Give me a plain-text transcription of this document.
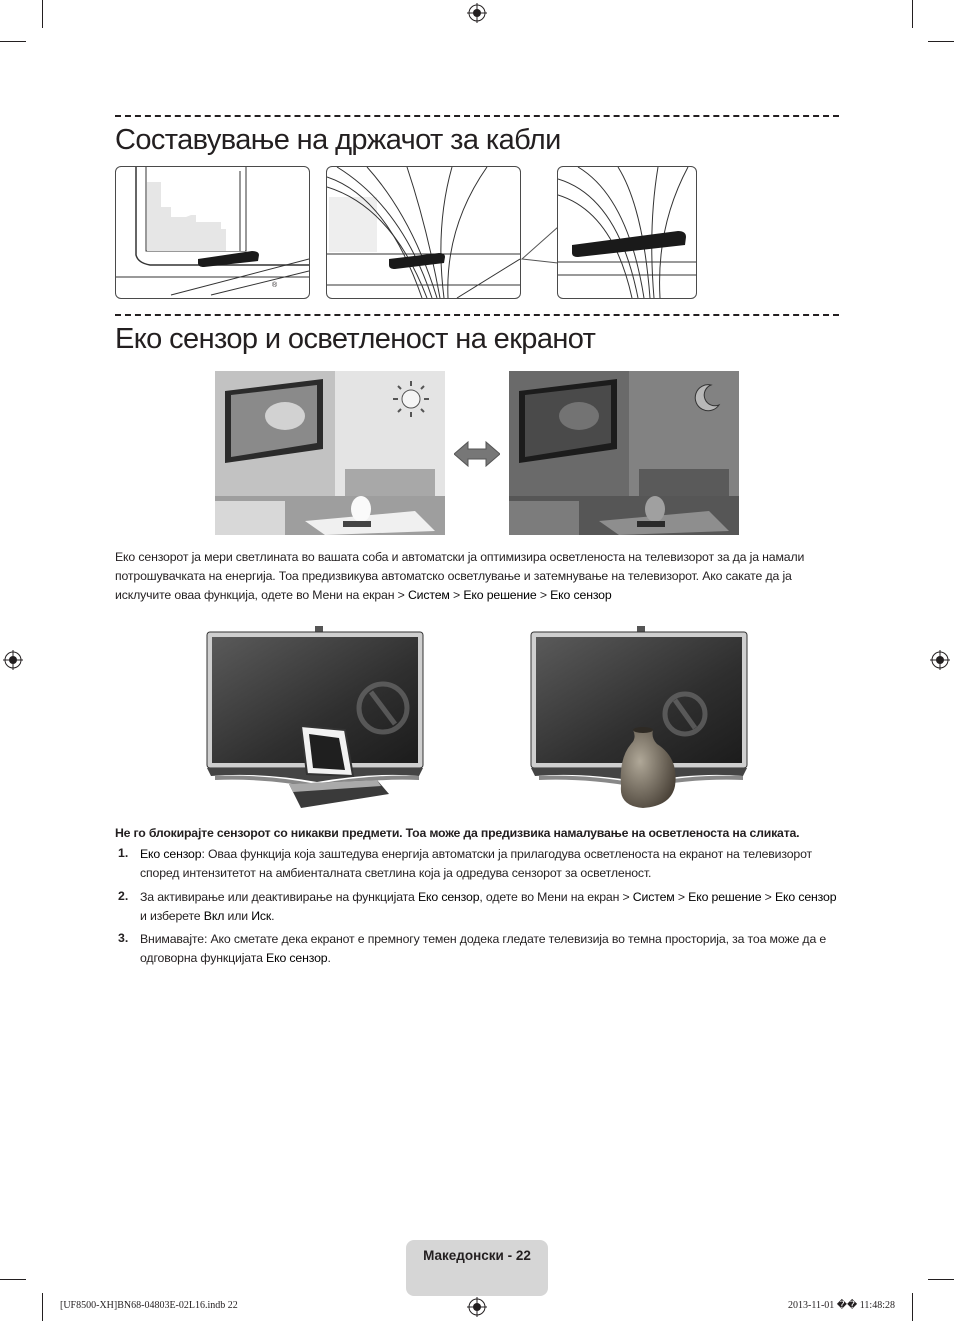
Составување на држачот за кабли
®
Еко сензор и осветленост на екранот
Еко сензорот ја мери светлината во вашата соба и автоматски ја оптимизира осветленоста на телевизорот за да ја намали потрошувачката на енергија. Тоа предизвикува автоматско осветлување и затемнување на телевизорот. Ако сакате да ја исклучите оваа функција, одете во Мени на екран > Систем > Еко решение > Еко сензор
Не го блокирајте сензорот со никакви предмети. Тоа може да предизвика намалување на осветленоста на сликата.
1. Еко сензор: Оваа функција која заштедува енергија автоматски ја прилагодува осветленоста на екранот на телевизорот според интензитетот на амбиенталната светлина која ја одредува сензорот за осветленост.
2. За активирање или деактивирање на функцијата Еко сензор, одете во Мени на екран > Систем > Еко решение > Еко сензор и изберете Вкл или Иск.
3. Внимавајте: Ако сметате дека екранот е премногу темен додека гледате телевизија во темна просторија, за тоа може да е одговорна функцијата Еко сензор.
Македонски - 22
[UF8500-XH]BN68-04803E-02L16.indb 22	2013-11-01 �� 11:48:28
